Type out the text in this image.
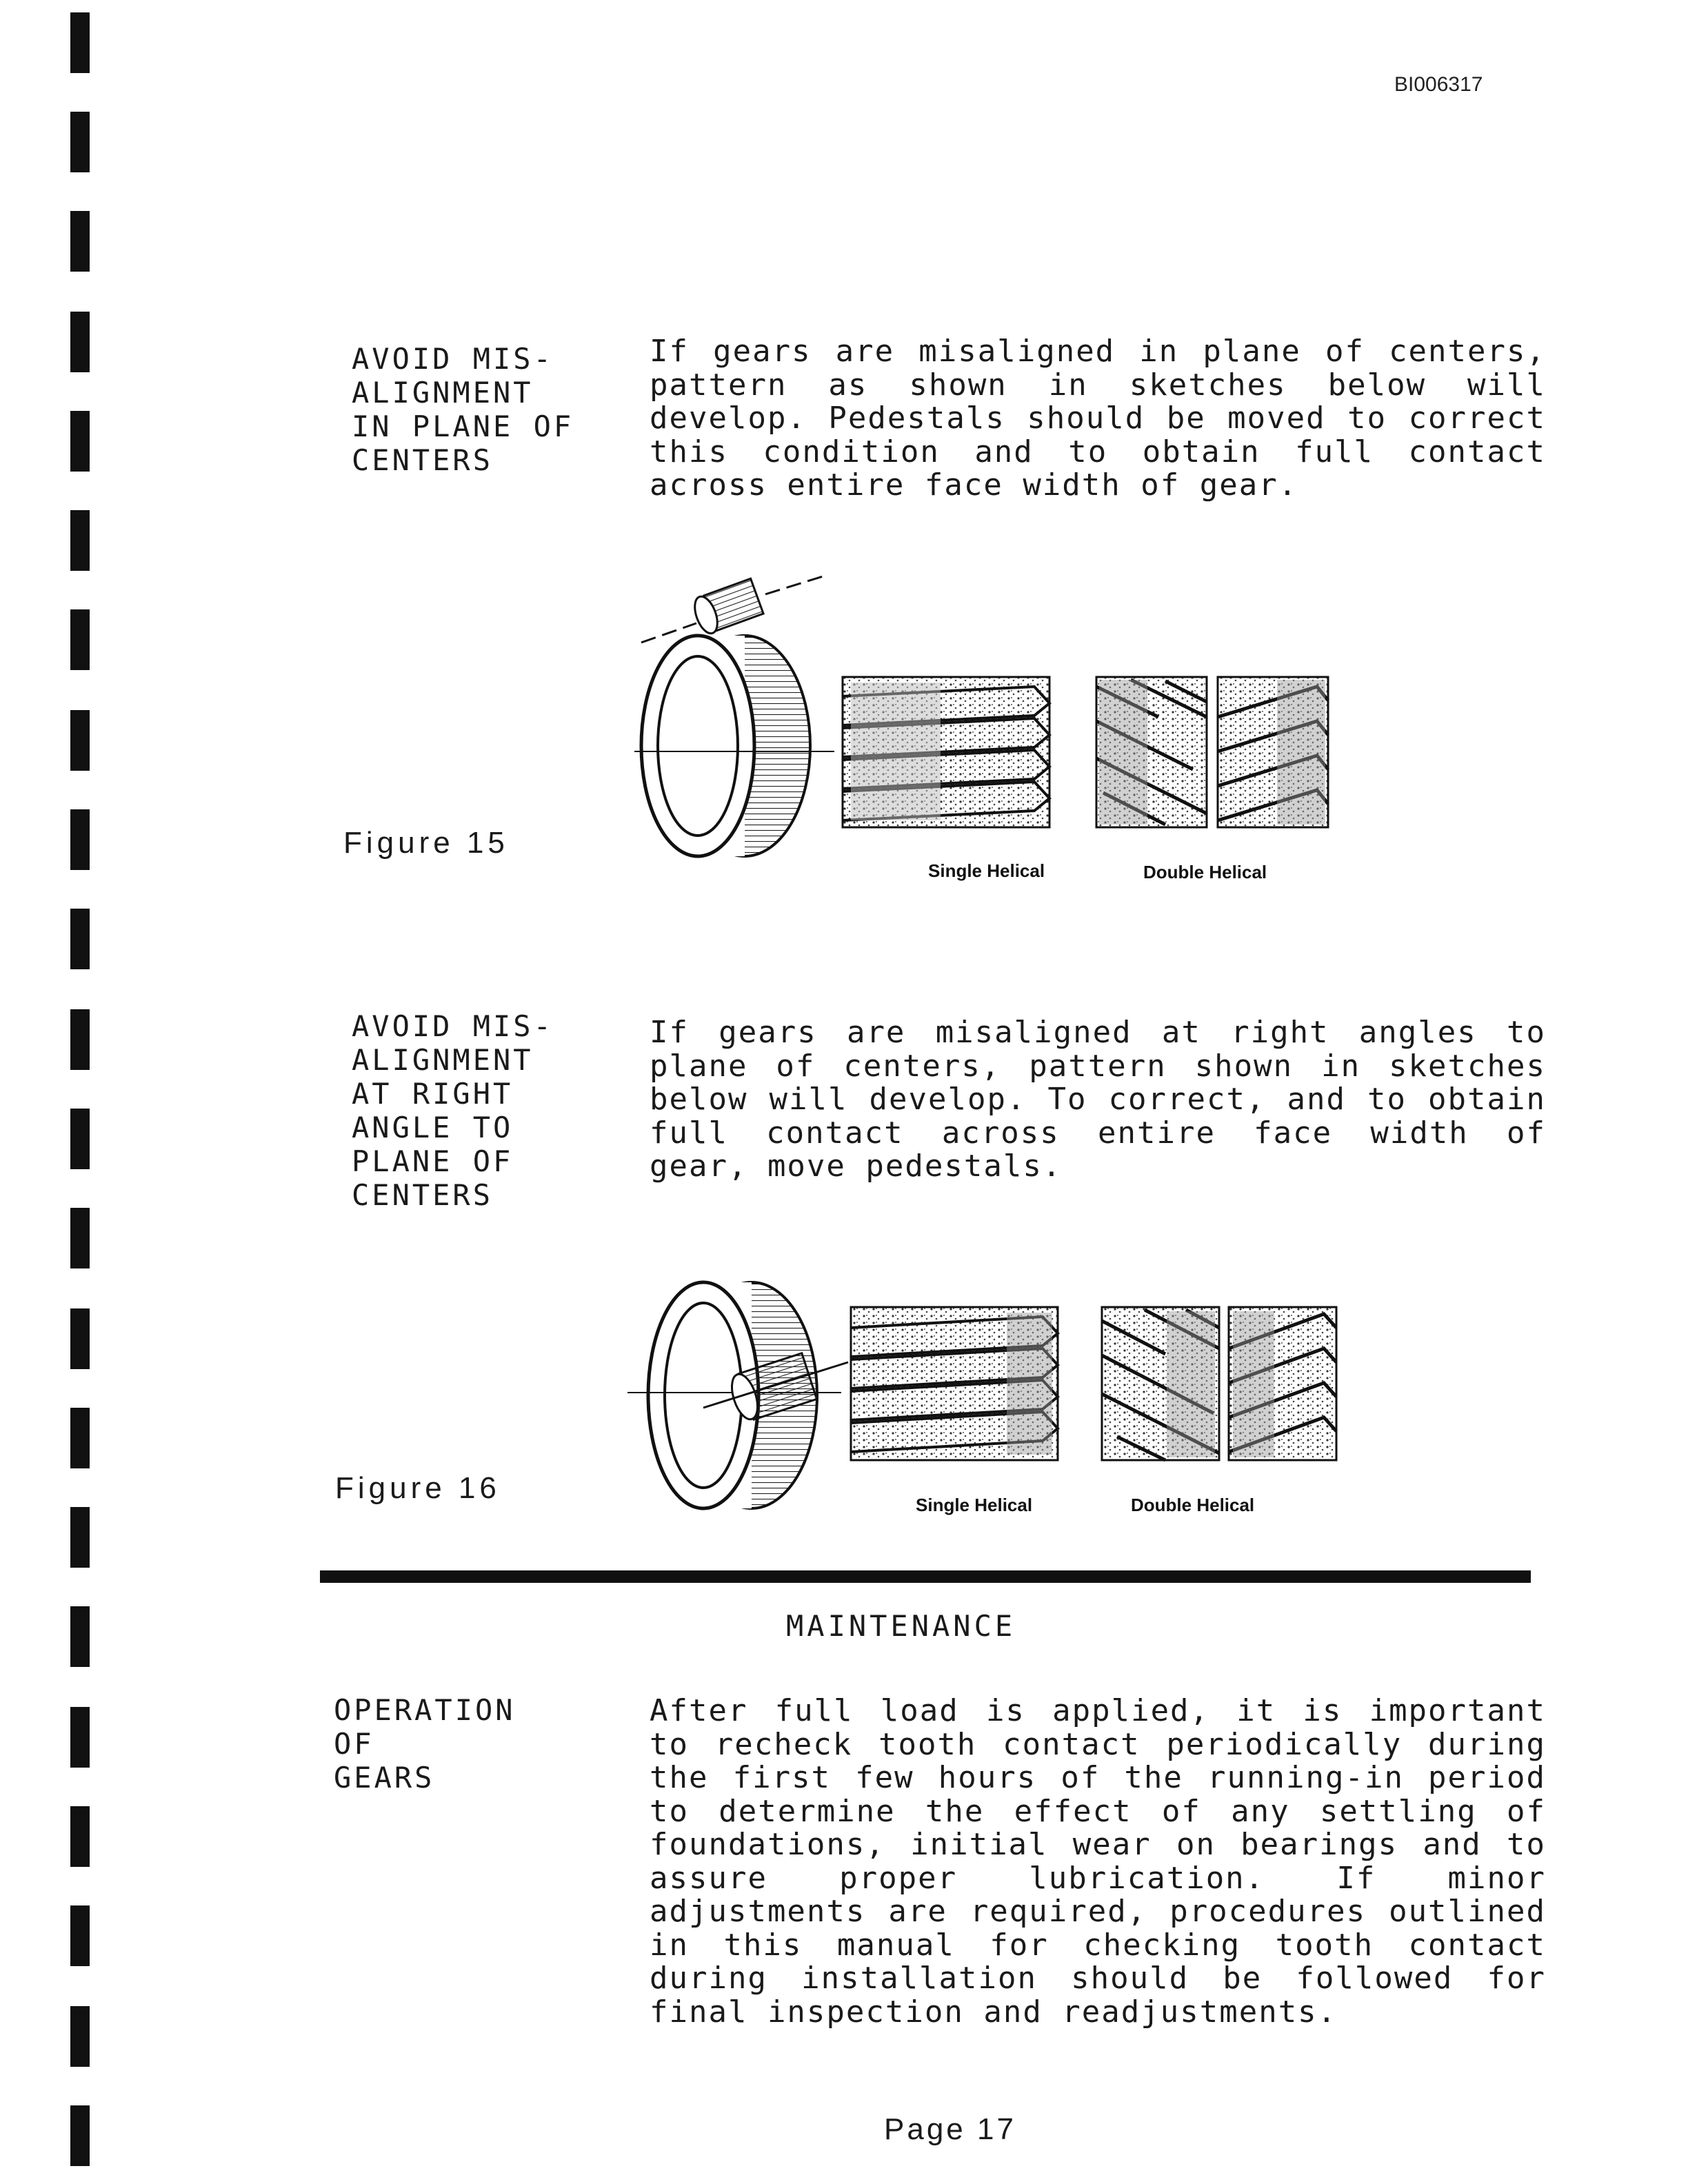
BI006317
AVOID MIS-
ALIGNMENT
IN PLANE OF
CENTERS
If gears are misaligned in plane of centers, pattern as shown in sketches below will develop. Pedestals should be moved to correct this condition and to obtain full contact across entire face width of gear.
Figure 15
Single Helical	Double Helical
AVOID MIS-
ALIGNMENT
AT RIGHT
ANGLE TO
PLANE OF
CENTERS
If gears are misaligned at right angles to plane of centers, pattern shown in sketches below will develop. To correct, and to obtain full contact across entire face width of gear, move pedestals.
Figure 16	Single Helical	Double Helical
MAINTENANCE
OPERATION
OF
GEARS
After full load is applied, it is important to recheck tooth contact periodically during the first few hours of the running-in period to determine the effect of any settling of foundations, initial wear on bearings and to assure proper lubrication. If minor adjustments are required, procedures outlined in this manual for checking tooth contact during installation should be followed for final inspection and readjustments.
Page 17
